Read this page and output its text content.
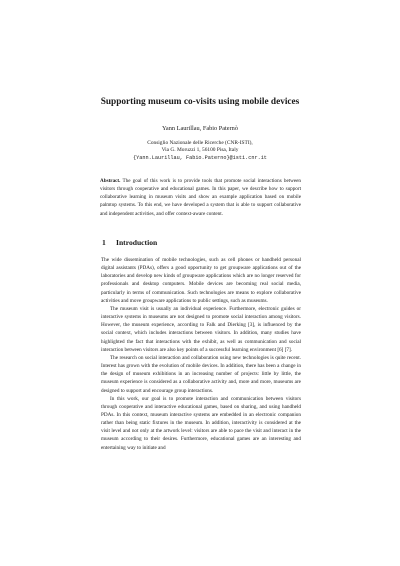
Supporting museum co-visits using mobile devices
Yann Laurillau, Fabio Paternò
Consiglio Nazionale delle Ricerche (CNR-ISTI),
Via G. Moruzzi 1, 56100 Pisa, Italy
{Yann.Laurillau, Fabio.Paterno}@isti.cnr.it
Abstract. The goal of this work is to provide tools that promote social interactions between visitors through cooperative and educational games. In this paper, we describe how to support collaborative learning in museum visits and show an example application based on mobile palmtop systems. To this end, we have developed a system that is able to support collaborative and independent activities, and offer context-aware content.
1 Introduction

The wide dissemination of mobile technologies, such as cell phones or handheld personal digital assistants (PDAs), offers a good opportunity to get groupware applications out of the laboratories and develop new kinds of groupware applications which are no longer reserved for professionals and desktop computers. Mobile devices are becoming real social media, particularly in terms of communication. Such technologies are means to explore collaborative activities and move groupware applications to public settings, such as museums.

The museum visit is usually an individual experience. Furthermore, electronic guides or interactive systems in museums are not designed to promote social interaction among visitors. However, the museum experience, according to Falk and Dierking [3], is influenced by the social context, which includes interactions between visitors. In addition, many studies have highlighted the fact that interactions with the exhibit, as well as communication and social interaction between visitors are also key points of a successful learning environment [6] [7].

The research on social interaction and collaboration using new technologies is quite recent. Interest has grown with the evolution of mobile devices. In addition, there has been a change in the design of museum exhibitions in an increasing number of projects: little by little, the museum experience is considered as a collaborative activity and, more and more, museums are designed to support and encourage group interactions.

In this work, our goal is to promote interaction and communication between visitors through cooperative and interactive educational games, based on sharing, and using handheld PDAs. In this context, museum interactive systems are embedded in an electronic companion rather than being static fixtures in the museum. In addition, interactivity is considered at the visit level and not only at the artwork level: visitors are able to pace the visit and interact in the museum according to their desires. Furthermore, educational games are an interesting and entertaining way to initiate and
